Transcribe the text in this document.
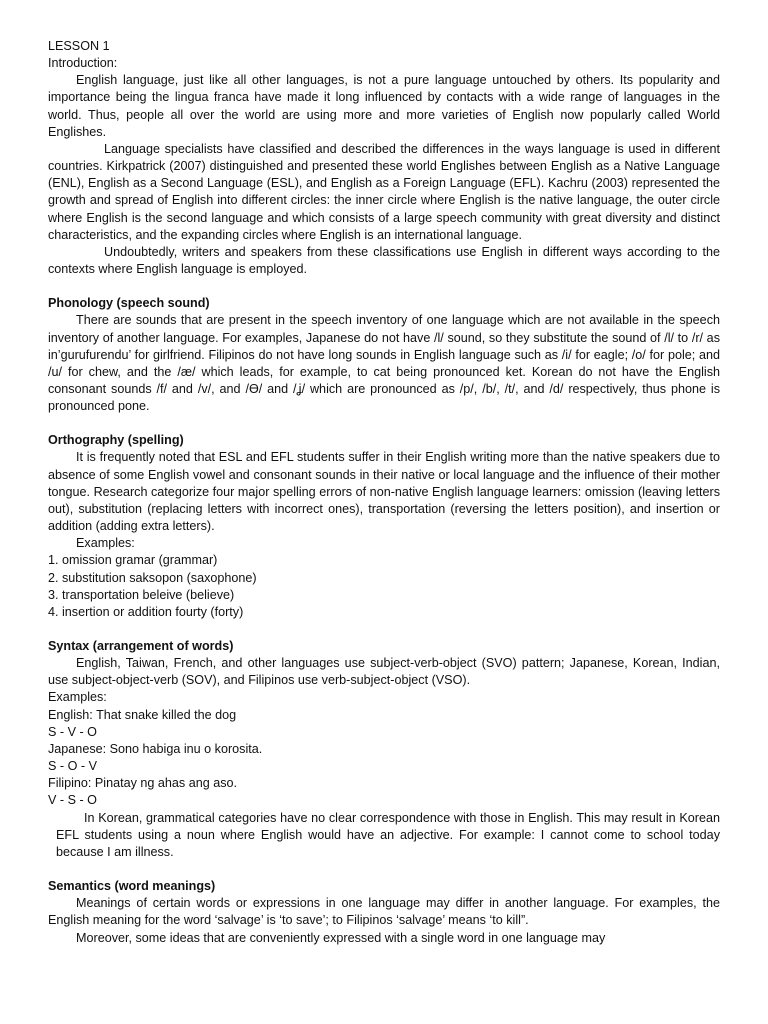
LESSON 1

Introduction:

English language, just like all other languages, is not a pure language untouched by others. Its popularity and importance being the lingua franca have made it long influenced by contacts with a wide range of languages in the world. Thus, people all over the world are using more and more varieties of English now popularly called World Englishes.

Language specialists have classified and described the differences in the ways language is used in different countries. Kirkpatrick (2007) distinguished and presented these world Englishes between English as a Native Language (ENL), English as a Second Language (ESL), and English as a Foreign Language (EFL). Kachru (2003) represented the growth and spread of English into different circles: the inner circle where English is the native language, the outer circle where English is the second language and which consists of a large speech community with great diversity and distinct characteristics, and the expanding circles where English is an international language.

Undoubtedly, writers and speakers from these classifications use English in different ways according to the contexts where English language is employed.

Phonology (speech sound)

There are sounds that are present in the speech inventory of one language which are not available in the speech inventory of another language. For examples, Japanese do not have /l/ sound, so they substitute the sound of /l/ to /r/ as in’gurufurendu’ for girlfriend. Filipinos do not have long sounds in English language such as /i/ for eagle; /o/ for pole; and /u/ for chew, and the /æ/ which leads, for example, to cat being pronounced ket. Korean do not have the English consonant sounds /f/ and /v/, and /Ɵ/ and /ʝ/ which are pronounced as /p/, /b/, /t/, and /d/ respectively, thus phone is pronounced pone.

Orthography (spelling)

It is frequently noted that ESL and EFL students suffer in their English writing more than the native speakers due to absence of some English vowel and consonant sounds in their native or local language and the influence of their mother tongue. Research categorize four major spelling errors of non-native English language learners: omission (leaving letters out), substitution (replacing letters with incorrect ones), transportation (reversing the letters position), and insertion or addition (adding extra letters).

Examples:

1. omission gramar (grammar)

2. substitution saksopon (saxophone)

3. transportation beleive (believe)

4. insertion or addition fourty (forty)

Syntax (arrangement of words)

English, Taiwan, French, and other languages use subject-verb-object (SVO) pattern; Japanese, Korean, Indian, use subject-object-verb (SOV), and Filipinos use verb-subject-object (VSO).

Examples:

English: That snake killed the dog

S - V - O

Japanese: Sono habiga inu o korosita.

S - O - V

Filipino: Pinatay ng ahas ang aso.

V - S - O

In Korean, grammatical categories have no clear correspondence with those in English. This may result in Korean EFL students using a noun where English would have an adjective. For example: I cannot come to school today because I am illness.

Semantics (word meanings)

Meanings of certain words or expressions in one language may differ in another language. For examples, the English meaning for the word ‘salvage’ is ‘to save’; to Filipinos ‘salvage’ means ‘to kill”.

Moreover, some ideas that are conveniently expressed with a single word in one language may
